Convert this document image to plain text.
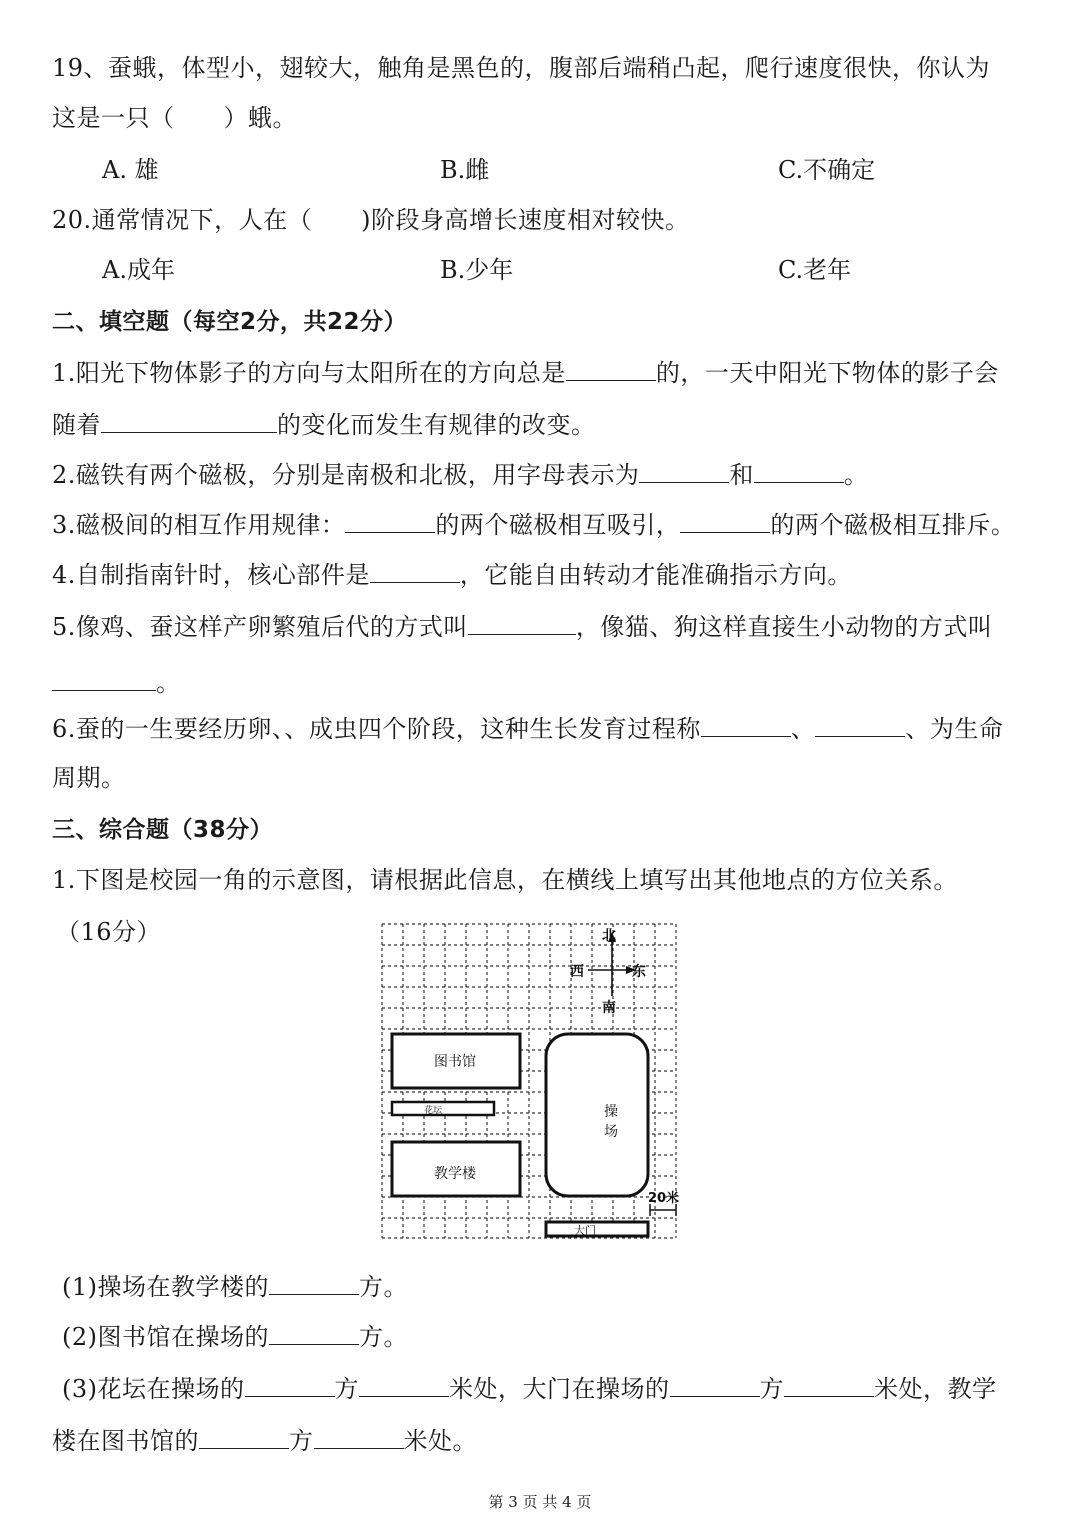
19、蚕蛾，体型小，翅较大，触角是黑色的，腹部后端稍凸起，爬行速度很快，你认为
这是一只（　　）蛾。
A. 雄	B.雌	C.不确定
20.通常情况下，人在（　　)阶段身高增长速度相对较快。
A.成年	B.少年	C.老年
二、填空题（每空2分，共22分）
1.阳光下物体影子的方向与太阳所在的方向总是	的，一天中阳光下物体的影子会
随着	的变化而发生有规律的改变。
2.磁铁有两个磁极，分别是南极和北极，用字母表示为	和	。
3.磁极间的相互作用规律：	的两个磁极相互吸引，	的两个磁极相互排斥。
4.自制指南针时，核心部件是	，它能自由转动才能准确指示方向。
5.像鸡、蚕这样产卵繁殖后代的方式叫	，像猫、狗这样直接生小动物的方式叫
。
6.蚕的一生要经历卵、、成虫四个阶段，这种生长发育过程称	、	、为生命
周期。
三、综合题（38分）
1.下图是校园一角的示意图，请根据此信息，在横线上填写出其他地点的方位关系。
（16分）	北
西	东
南
图书馆
花坛
教学楼
操
场
20米
大门
(1)操场在教学楼的	方。
(2)图书馆在操场的	方。
(3)花坛在操场的	方	米处，大门在操场的	方	米处，教学
楼在图书馆的	方	米处。
第 3 页 共 4 页
